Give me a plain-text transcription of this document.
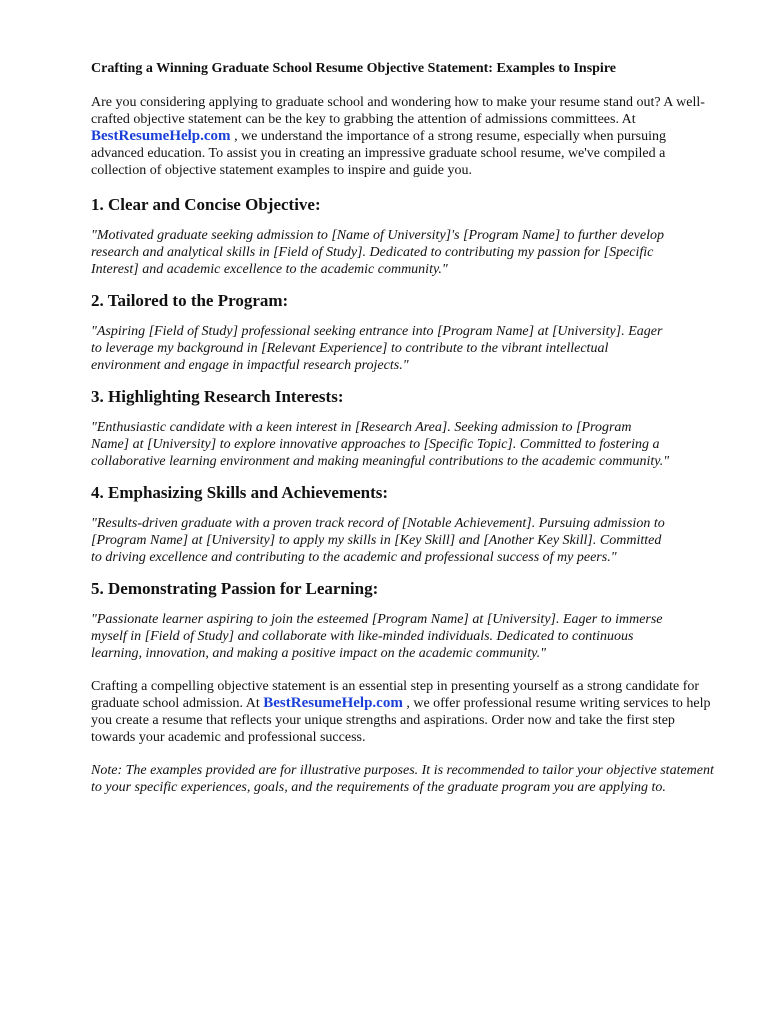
Crafting a Winning Graduate School Resume Objective Statement: Examples to Inspire

Are you considering applying to graduate school and wondering how to make your resume stand out? A well-crafted objective statement can be the key to grabbing the attention of admissions committees. At BestResumeHelp.com , we understand the importance of a strong resume, especially when pursuing advanced education. To assist you in creating an impressive graduate school resume, we've compiled a collection of objective statement examples to inspire and guide you.

1. Clear and Concise Objective:

"Motivated graduate seeking admission to [Name of University]'s [Program Name] to further develop
research and analytical skills in [Field of Study]. Dedicated to contributing my passion for [Specific
Interest] and academic excellence to the academic community."

2. Tailored to the Program:

"Aspiring [Field of Study] professional seeking entrance into [Program Name] at [University]. Eager
to leverage my background in [Relevant Experience] to contribute to the vibrant intellectual
environment and engage in impactful research projects."

3. Highlighting Research Interests:

"Enthusiastic candidate with a keen interest in [Research Area]. Seeking admission to [Program
Name] at [University] to explore innovative approaches to [Specific Topic]. Committed to fostering a
collaborative learning environment and making meaningful contributions to the academic community."

4. Emphasizing Skills and Achievements:

"Results-driven graduate with a proven track record of [Notable Achievement]. Pursuing admission to
[Program Name] at [University] to apply my skills in [Key Skill] and [Another Key Skill]. Committed
to driving excellence and contributing to the academic and professional success of my peers."

5. Demonstrating Passion for Learning:

"Passionate learner aspiring to join the esteemed [Program Name] at [University]. Eager to immerse
myself in [Field of Study] and collaborate with like-minded individuals. Dedicated to continuous
learning, innovation, and making a positive impact on the academic community."

Crafting a compelling objective statement is an essential step in presenting yourself as a strong candidate for graduate school admission. At BestResumeHelp.com , we offer professional resume writing services to help you create a resume that reflects your unique strengths and aspirations. Order now and take the first step towards your academic and professional success.

Note: The examples provided are for illustrative purposes. It is recommended to tailor your objective statement to your specific experiences, goals, and the requirements of the graduate program you are applying to.
